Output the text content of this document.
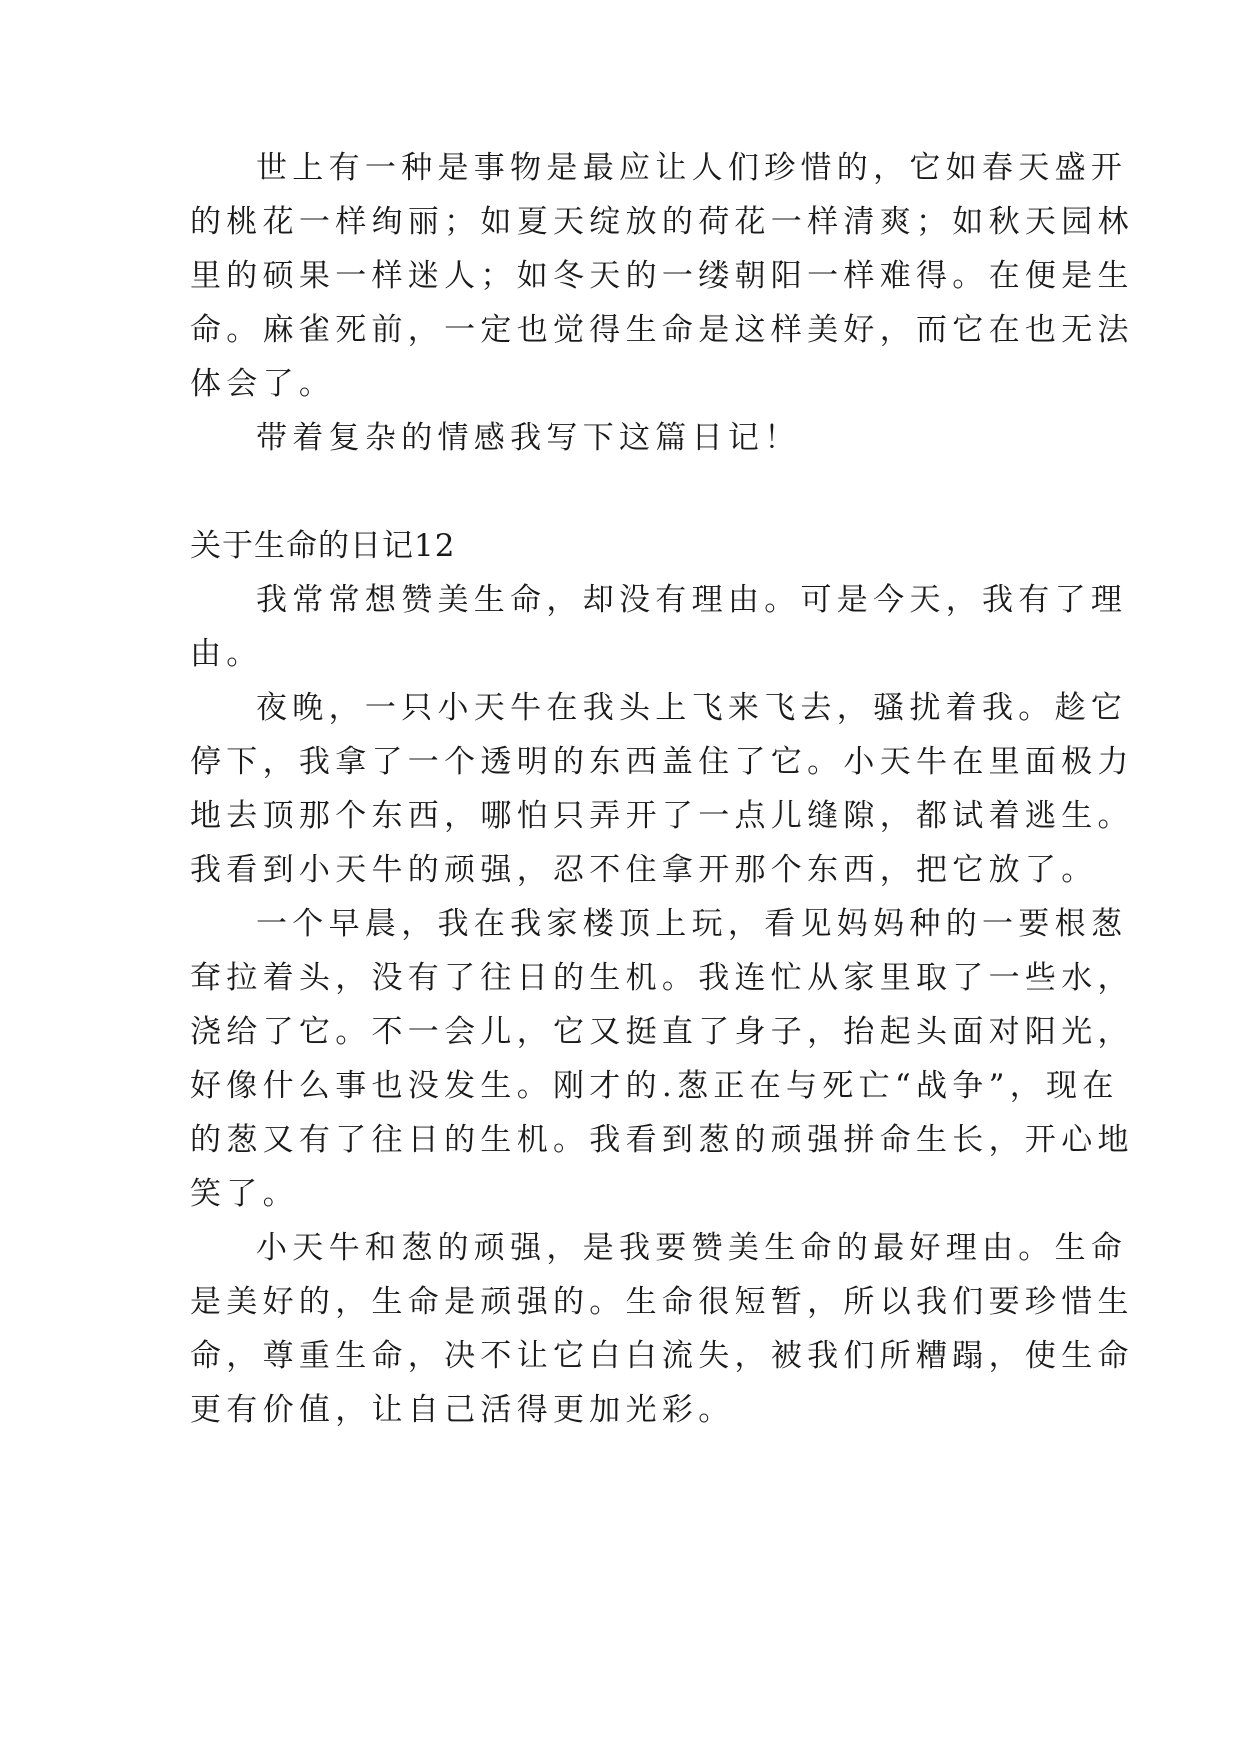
世上有一种是事物是最应让人们珍惜的，它如春天盛开
的桃花一样绚丽；如夏天绽放的荷花一样清爽；如秋天园林
里的硕果一样迷人；如冬天的一缕朝阳一样难得。在便是生
命。麻雀死前，一定也觉得生命是这样美好，而它在也无法
体会了。
带着复杂的情感我写下这篇日记！
关于生命的日记12
我常常想赞美生命，却没有理由。可是今天，我有了理
由。
夜晚，一只小天牛在我头上飞来飞去，骚扰着我。趁它
停下，我拿了一个透明的东西盖住了它。小天牛在里面极力
地去顶那个东西，哪怕只弄开了一点儿缝隙，都试着逃生。
我看到小天牛的顽强，忍不住拿开那个东西，把它放了。
一个早晨，我在我家楼顶上玩，看见妈妈种的一要根葱
耷拉着头，没有了往日的生机。我连忙从家里取了一些水，
浇给了它。不一会儿，它又挺直了身子，抬起头面对阳光，
好像什么事也没发生。刚才的.葱正在与死亡“战争”，现在
的葱又有了往日的生机。我看到葱的顽强拼命生长，开心地
笑了。
小天牛和葱的顽强，是我要赞美生命的最好理由。生命
是美好的，生命是顽强的。生命很短暂，所以我们要珍惜生
命，尊重生命，决不让它白白流失，被我们所糟蹋，使生命
更有价值，让自己活得更加光彩。
